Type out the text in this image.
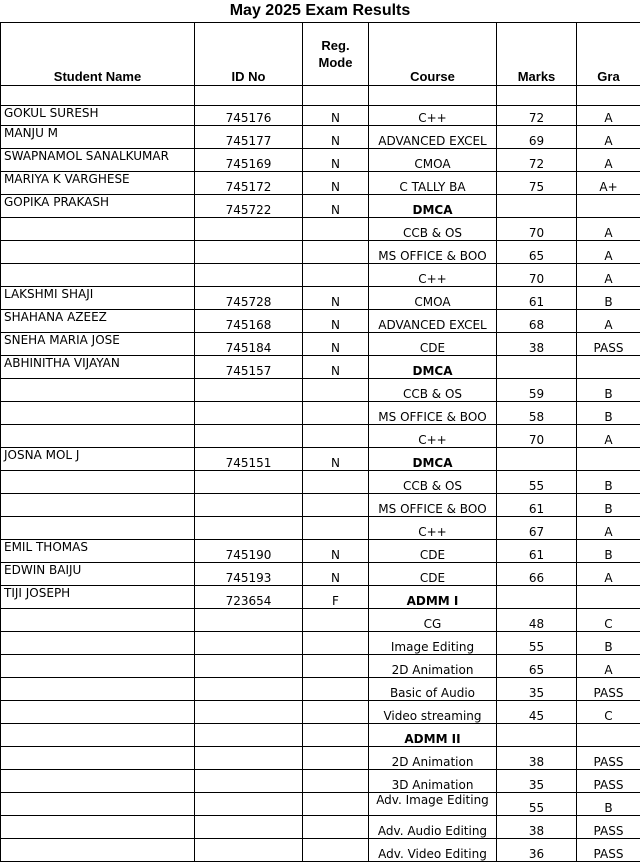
May 2025 Exam Results
Student Name	ID No	Reg. Mode	Course	Marks	Gra

GOKUL SURESH	745176	N	C++	72	A
MANJU M	745177	N	ADVANCED EXCEL	69	A
SWAPNAMOL SANALKUMAR	745169	N	CMOA	72	A
MARIYA K VARGHESE	745172	N	C TALLY BA	75	A+
GOPIKA PRAKASH	745722	N	DMCA		
			CCB & OS	70	A
			MS OFFICE & BOO	65	A
			C++	70	A
LAKSHMI SHAJI	745728	N	CMOA	61	B
SHAHANA AZEEZ	745168	N	ADVANCED EXCEL	68	A
SNEHA MARIA JOSE	745184	N	CDE	38	PASS
ABHINITHA VIJAYAN	745157	N	DMCA		
			CCB & OS	59	B
			MS OFFICE & BOO	58	B
			C++	70	A
JOSNA MOL J	745151	N	DMCA		
			CCB & OS	55	B
			MS OFFICE & BOO	61	B
			C++	67	A
EMIL THOMAS	745190	N	CDE	61	B
EDWIN BAIJU	745193	N	CDE	66	A
TIJI JOSEPH	723654	F	ADMM I		
			CG	48	C
			Image Editing	55	B
			2D Animation	65	A
			Basic of Audio	35	PASS
			Video streaming	45	C
			ADMM II		
			2D Animation	38	PASS
			3D Animation	35	PASS
			Adv. Image Editing	55	B
			Adv. Audio Editing	38	PASS
			Adv. Video Editing	36	PASS
